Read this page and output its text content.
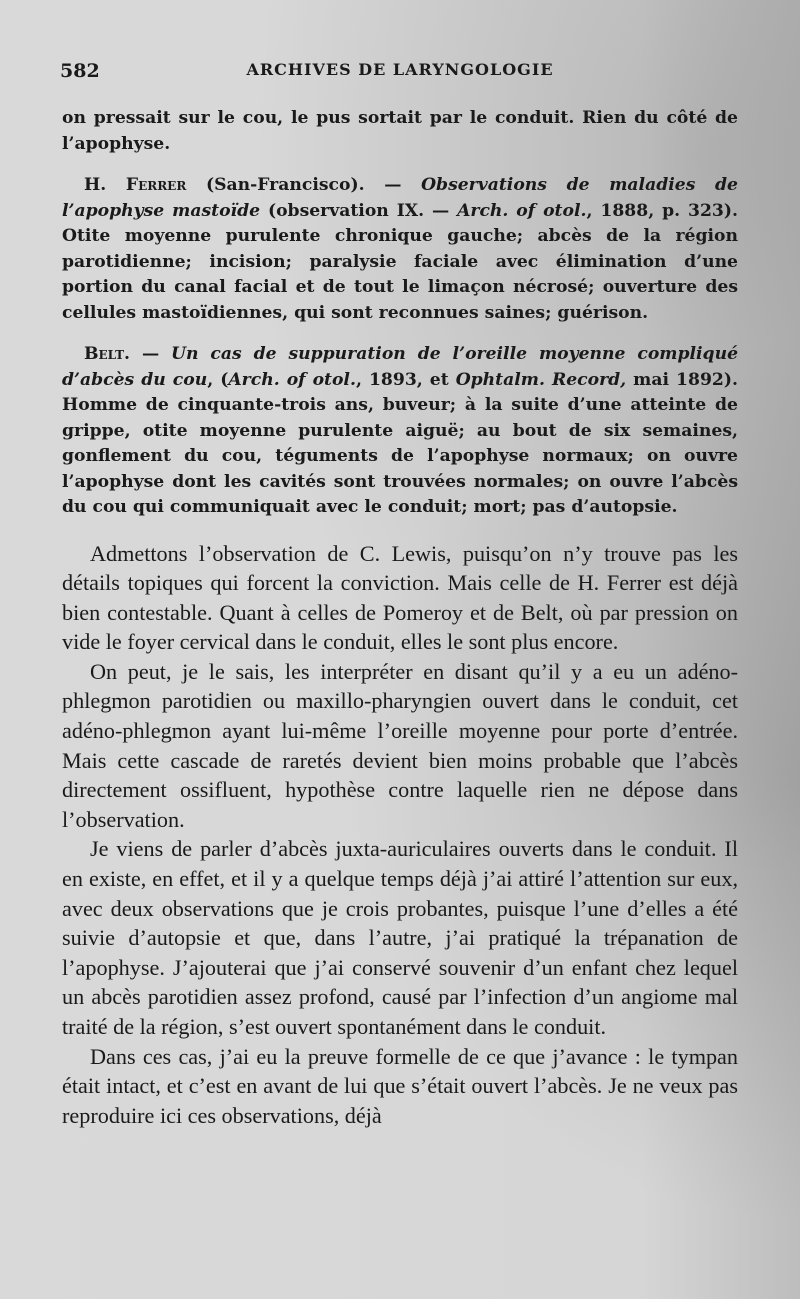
582	ARCHIVES DE LARYNGOLOGIE

on pressait sur le cou, le pus sortait par le conduit. Rien du côté de l’apophyse.

H. Ferrer (San-Francisco). — Observations de maladies de l’apophyse mastoïde (observation IX. — Arch. of otol., 1888, p. 323). Otite moyenne purulente chronique gauche; abcès de la région parotidienne; incision; paralysie faciale avec élimination d’une portion du canal facial et de tout le limaçon nécrosé; ouverture des cellules mastoïdiennes, qui sont reconnues saines; guérison.

Belt. — Un cas de suppuration de l’oreille moyenne compliqué d’abcès du cou, (Arch. of otol., 1893, et Ophtalm. Record, mai 1892). Homme de cinquante-trois ans, buveur; à la suite d’une atteinte de grippe, otite moyenne purulente aiguë; au bout de six semaines, gonflement du cou, téguments de l’apophyse normaux; on ouvre l’apophyse dont les cavités sont trouvées normales; on ouvre l’abcès du cou qui communiquait avec le conduit; mort; pas d’autopsie.

Admettons l’observation de C. Lewis, puisqu’on n’y trouve pas les détails topiques qui forcent la conviction. Mais celle de H. Ferrer est déjà bien contestable. Quant à celles de Pomeroy et de Belt, où par pression on vide le foyer cervical dans le conduit, elles le sont plus encore.

On peut, je le sais, les interpréter en disant qu’il y a eu un adéno-phlegmon parotidien ou maxillo-pharyngien ouvert dans le conduit, cet adéno-phlegmon ayant lui-même l’oreille moyenne pour porte d’entrée. Mais cette cascade de raretés devient bien moins probable que l’abcès directement ossifluent, hypothèse contre laquelle rien ne dépose dans l’observation.

Je viens de parler d’abcès juxta-auriculaires ouverts dans le conduit. Il en existe, en effet, et il y a quelque temps déjà j’ai attiré l’attention sur eux, avec deux observations que je crois probantes, puisque l’une d’elles a été suivie d’autopsie et que, dans l’autre, j’ai pratiqué la trépanation de l’apophyse. J’ajouterai que j’ai conservé souvenir d’un enfant chez lequel un abcès parotidien assez profond, causé par l’infection d’un angiome mal traité de la région, s’est ouvert spontanément dans le conduit.

Dans ces cas, j’ai eu la preuve formelle de ce que j’avance : le tympan était intact, et c’est en avant de lui que s’était ouvert l’abcès. Je ne veux pas reproduire ici ces observations, déjà
